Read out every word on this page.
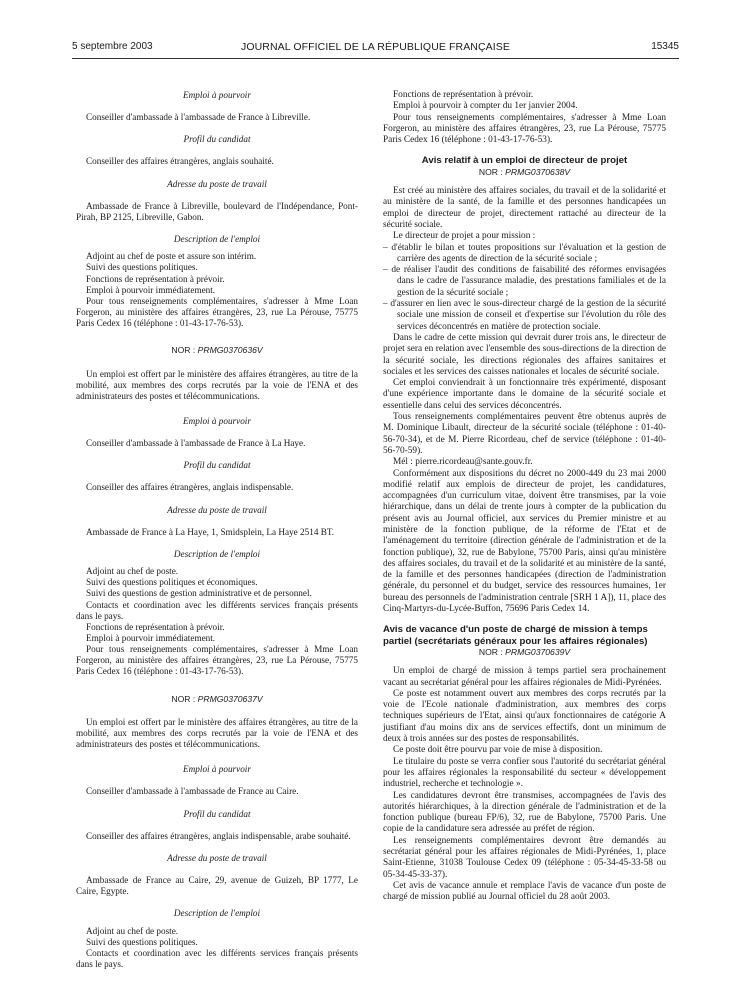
5 septembre 2003	JOURNAL OFFICIEL DE LA RÉPUBLIQUE FRANÇAISE	15345
Emploi à pourvoir
Conseiller d'ambassade à l'ambassade de France à Libreville.
Profil du candidat
Conseiller des affaires étrangères, anglais souhaité.
Adresse du poste de travail
Ambassade de France à Libreville, boulevard de l'Indépendance, Pont-Pirah, BP 2125, Libreville, Gabon.
Description de l'emploi
Adjoint au chef de poste et assure son intérim.
Suivi des questions politiques.
Fonctions de représentation à prévoir.
Emploi à pourvoir immédiatement.
Pour tous renseignements complémentaires, s'adresser à Mme Loan Forgeron, au ministère des affaires étrangères, 23, rue La Pérouse, 75775 Paris Cedex 16 (téléphone : 01-43-17-76-53).
NOR : PRMG0370636V
Un emploi est offert par le ministère des affaires étrangères, au titre de la mobilité, aux membres des corps recrutés par la voie de l'ENA et des administrateurs des postes et télécommunications.
Emploi à pourvoir
Conseiller d'ambassade à l'ambassade de France à La Haye.
Profil du candidat
Conseiller des affaires étrangères, anglais indispensable.
Adresse du poste de travail
Ambassade de France à La Haye, 1, Smidsplein, La Haye 2514 BT.
Description de l'emploi
Adjoint au chef de poste.
Suivi des questions politiques et économiques.
Suivi des questions de gestion administrative et de personnel.
Contacts et coordination avec les différents services français présents dans le pays.
Fonctions de représentation à prévoir.
Emploi à pourvoir immédiatement.
Pour tous renseignements complémentaires, s'adresser à Mme Loan Forgeron, au ministère des affaires étrangères, 23, rue La Pérouse, 75775 Paris Cedex 16 (téléphone : 01-43-17-76-53).
NOR : PRMG0370637V
Un emploi est offert par le ministère des affaires étrangères, au titre de la mobilité, aux membres des corps recrutés par la voie de l'ENA et des administrateurs des postes et télécommunications.
Emploi à pourvoir
Conseiller d'ambassade à l'ambassade de France au Caire.
Profil du candidat
Conseiller des affaires étrangères, anglais indispensable, arabe souhaité.
Adresse du poste de travail
Ambassade de France au Caire, 29, avenue de Guizeh, BP 1777, Le Caire, Egypte.
Description de l'emploi
Adjoint au chef de poste.
Suivi des questions politiques.
Contacts et coordination avec les différents services français présents dans le pays.
Fonctions de représentation à prévoir.
Emploi à pourvoir à compter du 1er janvier 2004.
Pour tous renseignements complémentaires, s'adresser à Mme Loan Forgeron, au ministère des affaires étrangères, 23, rue La Pérouse, 75775 Paris Cedex 16 (téléphone : 01-43-17-76-53).
Avis relatif à un emploi de directeur de projet
NOR : PRMG0370638V
Est créé au ministère des affaires sociales, du travail et de la solidarité et au ministère de la santé, de la famille et des personnes handicapées un emploi de directeur de projet, directement rattaché au directeur de la sécurité sociale.
Le directeur de projet a pour mission :
– d'établir le bilan et toutes propositions sur l'évaluation et la gestion de carrière des agents de direction de la sécurité sociale ;
– de réaliser l'audit des conditions de faisabilité des réformes envisagées dans le cadre de l'assurance maladie, des prestations familiales et de la gestion de la sécurité sociale ;
– d'assurer en lien avec le sous-directeur chargé de la gestion de la sécurité sociale une mission de conseil et d'expertise sur l'évolution du rôle des services déconcentrés en matière de protection sociale.
Dans le cadre de cette mission qui devrait durer trois ans, le directeur de projet sera en relation avec l'ensemble des sous-directions de la direction de la sécurité sociale, les directions régionales des affaires sanitaires et sociales et les services des caisses nationales et locales de sécurité sociale.
Cet emploi conviendrait à un fonctionnaire très expérimenté, disposant d'une expérience importante dans le domaine de la sécurité sociale et essentielle dans celui des services déconcentrés.
Tous renseignements complémentaires peuvent être obtenus auprès de M. Dominique Libault, directeur de la sécurité sociale (téléphone : 01-40-56-70-34), et de M. Pierre Ricordeau, chef de service (téléphone : 01-40-56-70-59).
Mél : pierre.ricordeau@sante.gouv.fr.
Conformément aux dispositions du décret no 2000-449 du 23 mai 2000 modifié relatif aux emplois de directeur de projet, les candidatures, accompagnées d'un curriculum vitae, doivent être transmises, par la voie hiérarchique, dans un délai de trente jours à compter de la publication du présent avis au Journal officiel, aux services du Premier ministre et au ministère de la fonction publique, de la réforme de l'Etat et de l'aménagement du territoire (direction générale de l'administration et de la fonction publique), 32, rue de Babylone, 75700 Paris, ainsi qu'au ministère des affaires sociales, du travail et de la solidarité et au ministère de la santé, de la famille et des personnes handicapées (direction de l'administration générale, du personnel et du budget, service des ressources humaines, 1er bureau des personnels de l'administration centrale [SRH 1 A]), 11, place des Cinq-Martyrs-du-Lycée-Buffon, 75696 Paris Cedex 14.
Avis de vacance d'un poste de chargé de mission à temps partiel (secrétariats généraux pour les affaires régionales)
NOR : PRMG0370639V
Un emploi de chargé de mission à temps partiel sera prochainement vacant au secrétariat général pour les affaires régionales de Midi-Pyrénées.
Ce poste est notamment ouvert aux membres des corps recrutés par la voie de l'Ecole nationale d'administration, aux membres des corps techniques supérieurs de l'Etat, ainsi qu'aux fonctionnaires de catégorie A justifiant d'au moins dix ans de services effectifs, dont un minimum de deux à trois années sur des postes de responsabilités.
Ce poste doit être pourvu par voie de mise à disposition.
Le titulaire du poste se verra confier sous l'autorité du secrétariat général pour les affaires régionales la responsabilité du secteur « développement industriel, recherche et technologie ».
Les candidatures devront être transmises, accompagnées de l'avis des autorités hiérarchiques, à la direction générale de l'administration et de la fonction publique (bureau FP/6), 32, rue de Babylone, 75700 Paris. Une copie de la candidature sera adressée au préfet de région.
Les renseignements complémentaires devront être demandés au secrétariat général pour les affaires régionales de Midi-Pyrénées, 1, place Saint-Etienne, 31038 Toulouse Cedex 09 (téléphone : 05-34-45-33-58 ou 05-34-45-33-37).
Cet avis de vacance annule et remplace l'avis de vacance d'un poste de chargé de mission publié au Journal officiel du 28 août 2003.
